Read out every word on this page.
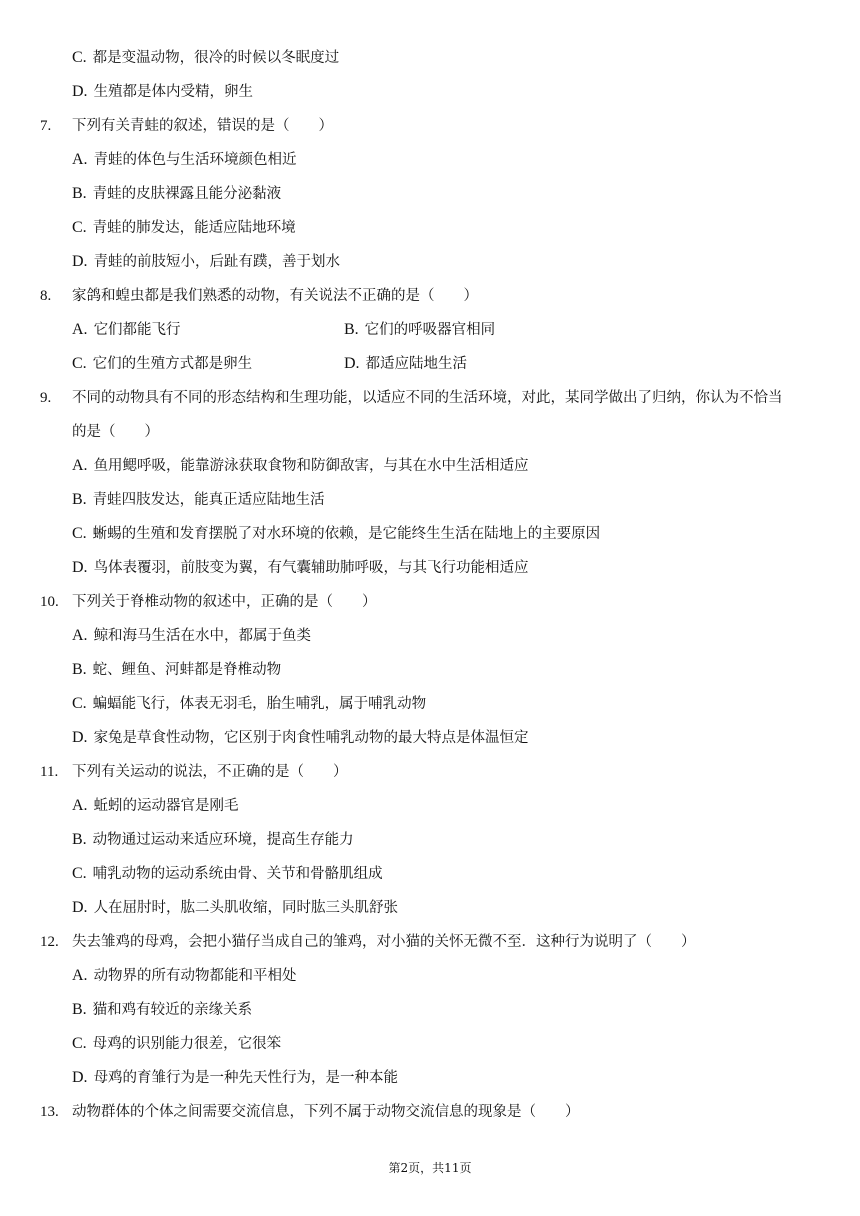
C. 都是变温动物，很冷的时候以冬眠度过
D. 生殖都是体内受精，卵生
7. 下列有关青蛙的叙述，错误的是（　　）
A. 青蛙的体色与生活环境颜色相近
B. 青蛙的皮肤裸露且能分泌黏液
C. 青蛙的肺发达，能适应陆地环境
D. 青蛙的前肢短小，后趾有蹼，善于划水
8. 家鸽和蝗虫都是我们熟悉的动物，有关说法不正确的是（　　）
A. 它们都能飞行	B. 它们的呼吸器官相同
C. 它们的生殖方式都是卵生	D. 都适应陆地生活
9. 不同的动物具有不同的形态结构和生理功能，以适应不同的生活环境，对此，某同学做出了归纳，你认为不恰当
的是（　　）
A. 鱼用鳃呼吸，能靠游泳获取食物和防御敌害，与其在水中生活相适应
B. 青蛙四肢发达，能真正适应陆地生活
C. 蜥蜴的生殖和发育摆脱了对水环境的依赖，是它能终生生活在陆地上的主要原因
D. 鸟体表覆羽，前肢变为翼，有气囊辅助肺呼吸，与其飞行功能相适应
10. 下列关于脊椎动物的叙述中，正确的是（　　）
A. 鲸和海马生活在水中，都属于鱼类
B. 蛇、鲤鱼、河蚌都是脊椎动物
C. 蝙蝠能飞行，体表无羽毛，胎生哺乳，属于哺乳动物
D. 家兔是草食性动物，它区别于肉食性哺乳动物的最大特点是体温恒定
11. 下列有关运动的说法，不正确的是（　　）
A. 蚯蚓的运动器官是刚毛
B. 动物通过运动来适应环境，提高生存能力
C. 哺乳动物的运动系统由骨、关节和骨骼肌组成
D. 人在屈肘时，肱二头肌收缩，同时肱三头肌舒张
12. 失去雏鸡的母鸡，会把小猫仔当成自己的雏鸡，对小猫的关怀无微不至．这种行为说明了（　　）
A. 动物界的所有动物都能和平相处
B. 猫和鸡有较近的亲缘关系
C. 母鸡的识别能力很差，它很笨
D. 母鸡的育雏行为是一种先天性行为，是一种本能
13. 动物群体的个体之间需要交流信息，下列不属于动物交流信息的现象是（　　）
第2页，共11页
